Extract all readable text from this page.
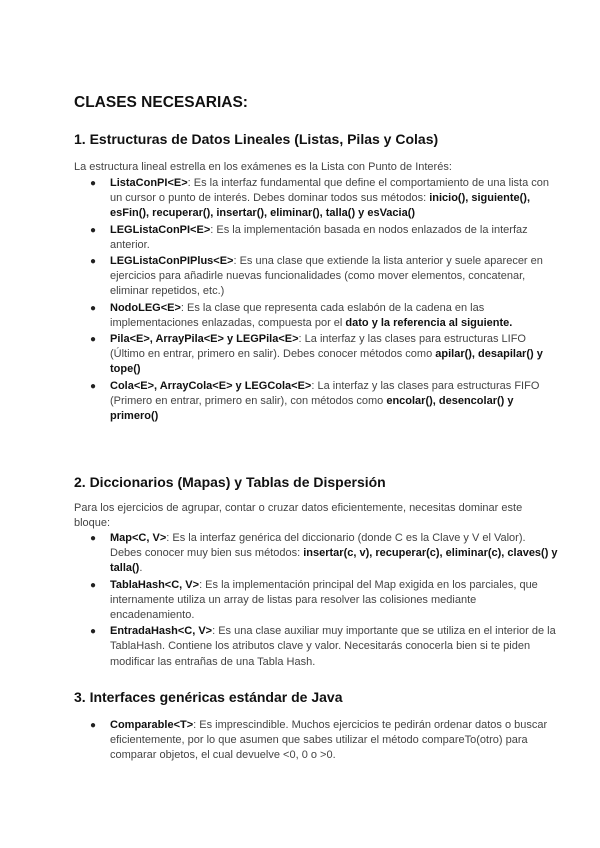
CLASES NECESARIAS:
1. Estructuras de Datos Lineales (Listas, Pilas y Colas)

La estructura lineal estrella en los exámenes es la Lista con Punto de Interés:

● ListaConPI<E>: Es la interfaz fundamental que define el comportamiento de una lista con un cursor o punto de interés. Debes dominar todos sus métodos: inicio(), siguiente(), esFin(), recuperar(), insertar(), eliminar(), talla() y esVacia()
● LEGListaConPI<E>: Es la implementación basada en nodos enlazados de la interfaz anterior.
● LEGListaConPIPlus<E>: Es una clase que extiende la lista anterior y suele aparecer en ejercicios para añadirle nuevas funcionalidades (como mover elementos, concatenar, eliminar repetidos, etc.)
● NodoLEG<E>: Es la clase que representa cada eslabón de la cadena en las implementaciones enlazadas, compuesta por el dato y la referencia al siguiente.
● Pila<E>, ArrayPila<E> y LEGPila<E>: La interfaz y las clases para estructuras LIFO (Último en entrar, primero en salir). Debes conocer métodos como apilar(), desapilar() y tope()
● Cola<E>, ArrayCola<E> y LEGCola<E>: La interfaz y las clases para estructuras FIFO (Primero en entrar, primero en salir), con métodos como encolar(), desencolar() y primero()
2. Diccionarios (Mapas) y Tablas de Dispersión

Para los ejercicios de agrupar, contar o cruzar datos eficientemente, necesitas dominar este bloque:

● Map<C, V>: Es la interfaz genérica del diccionario (donde C es la Clave y V el Valor). Debes conocer muy bien sus métodos: insertar(c, v), recuperar(c), eliminar(c), claves() y talla().
● TablaHash<C, V>: Es la implementación principal del Map exigida en los parciales, que internamente utiliza un array de listas para resolver las colisiones mediante encadenamiento.
● EntradaHash<C, V>: Es una clase auxiliar muy importante que se utiliza en el interior de la TablaHash. Contiene los atributos clave y valor. Necesitarás conocerla bien si te piden modificar las entrañas de una Tabla Hash.
3. Interfaces genéricas estándar de Java
● Comparable<T>: Es imprescindible. Muchos ejercicios te pedirán ordenar datos o buscar eficientemente, por lo que asumen que sabes utilizar el método compareTo(otro) para comparar objetos, el cual devuelve <0, 0 o >0.
